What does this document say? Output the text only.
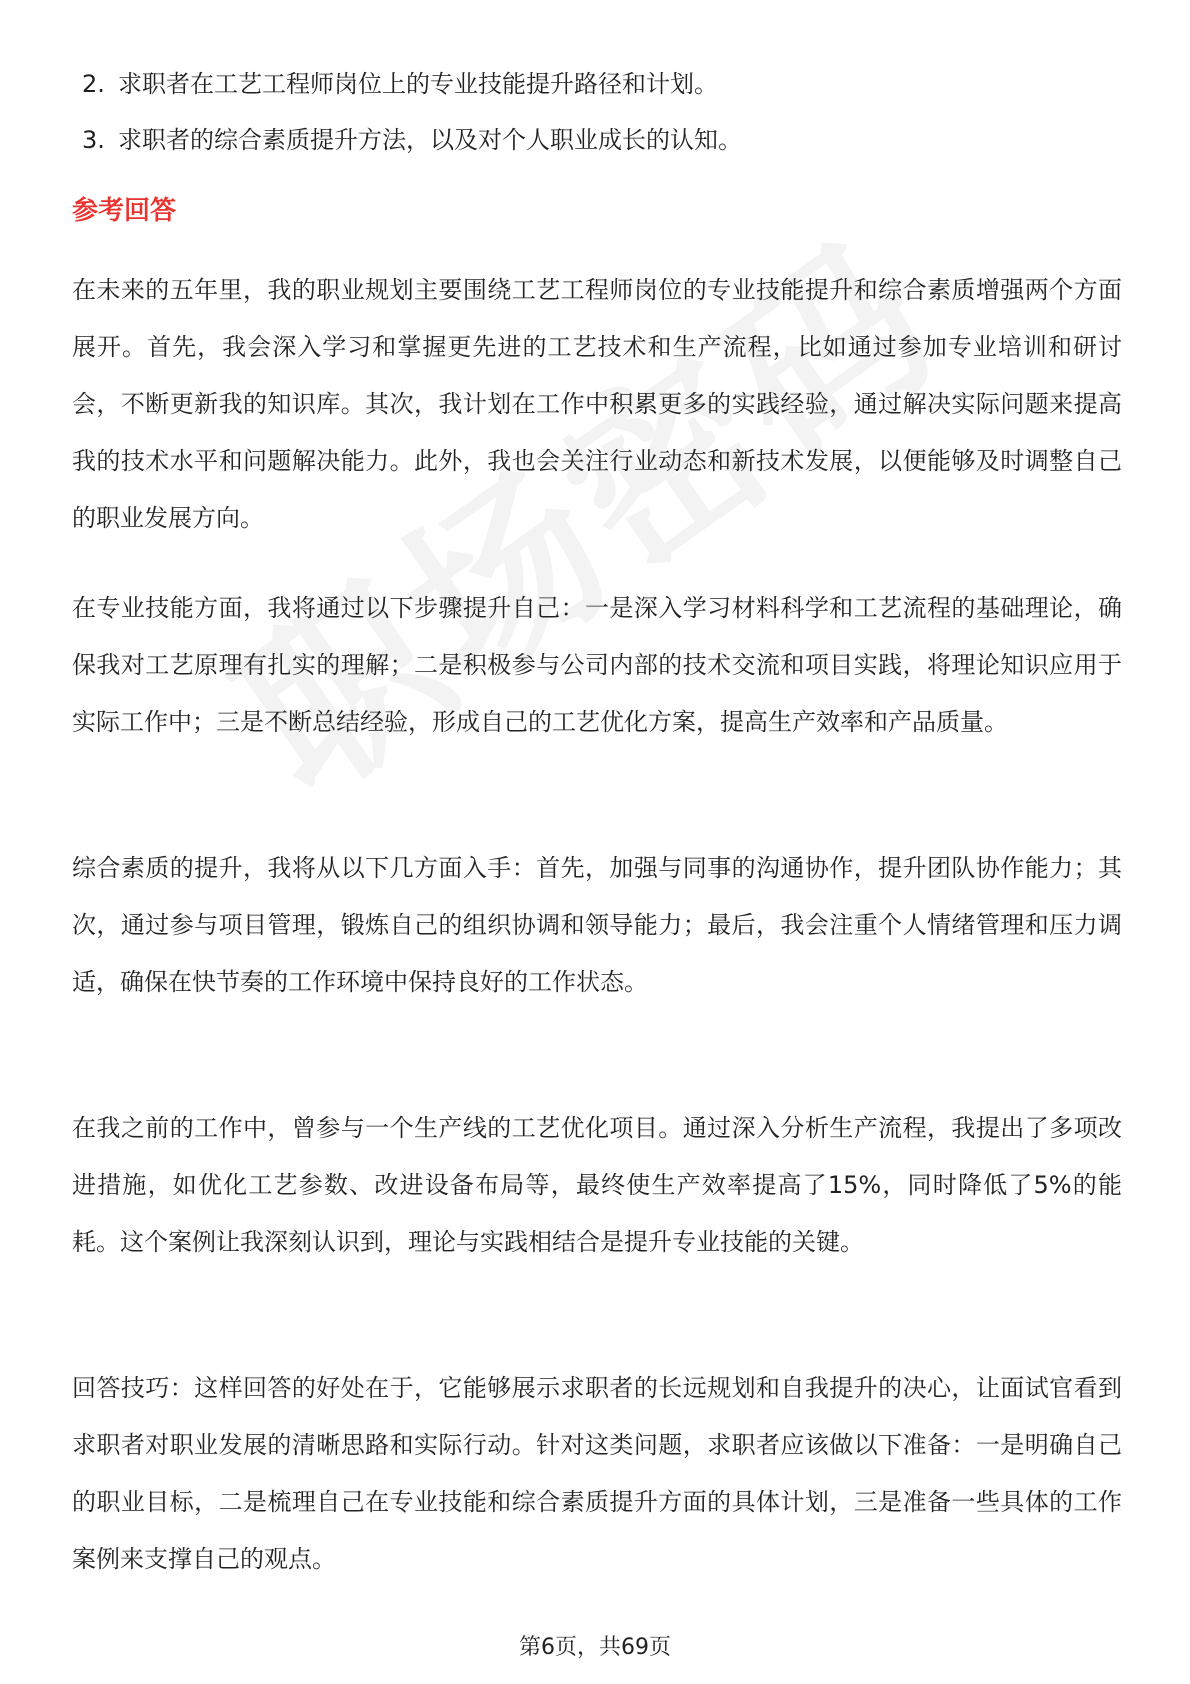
2. 求职者在工艺工程师岗位上的专业技能提升路径和计划。
3. 求职者的综合素质提升方法，以及对个人职业成长的认知。
参考回答
在未来的五年里，我的职业规划主要围绕工艺工程师岗位的专业技能提升和综合素质增强两个方面展开。首先，我会深入学习和掌握更先进的工艺技术和生产流程，比如通过参加专业培训和研讨会，不断更新我的知识库。其次，我计划在工作中积累更多的实践经验，通过解决实际问题来提高我的技术水平和问题解决能力。此外，我也会关注行业动态和新技术发展，以便能够及时调整自己的职业发展方向。
在专业技能方面，我将通过以下步骤提升自己：一是深入学习材料科学和工艺流程的基础理论，确保我对工艺原理有扎实的理解；二是积极参与公司内部的技术交流和项目实践，将理论知识应用于实际工作中；三是不断总结经验，形成自己的工艺优化方案，提高生产效率和产品质量。
综合素质的提升，我将从以下几方面入手：首先，加强与同事的沟通协作，提升团队协作能力；其次，通过参与项目管理，锻炼自己的组织协调和领导能力；最后，我会注重个人情绪管理和压力调适，确保在快节奏的工作环境中保持良好的工作状态。
在我之前的工作中，曾参与一个生产线的工艺优化项目。通过深入分析生产流程，我提出了多项改进措施，如优化工艺参数、改进设备布局等，最终使生产效率提高了15%，同时降低了5%的能耗。这个案例让我深刻认识到，理论与实践相结合是提升专业技能的关键。
回答技巧：这样回答的好处在于，它能够展示求职者的长远规划和自我提升的决心，让面试官看到求职者对职业发展的清晰思路和实际行动。针对这类问题，求职者应该做以下准备：一是明确自己的职业目标，二是梳理自己在专业技能和综合素质提升方面的具体计划，三是准备一些具体的工作案例来支撑自己的观点。
第6页，共69页
